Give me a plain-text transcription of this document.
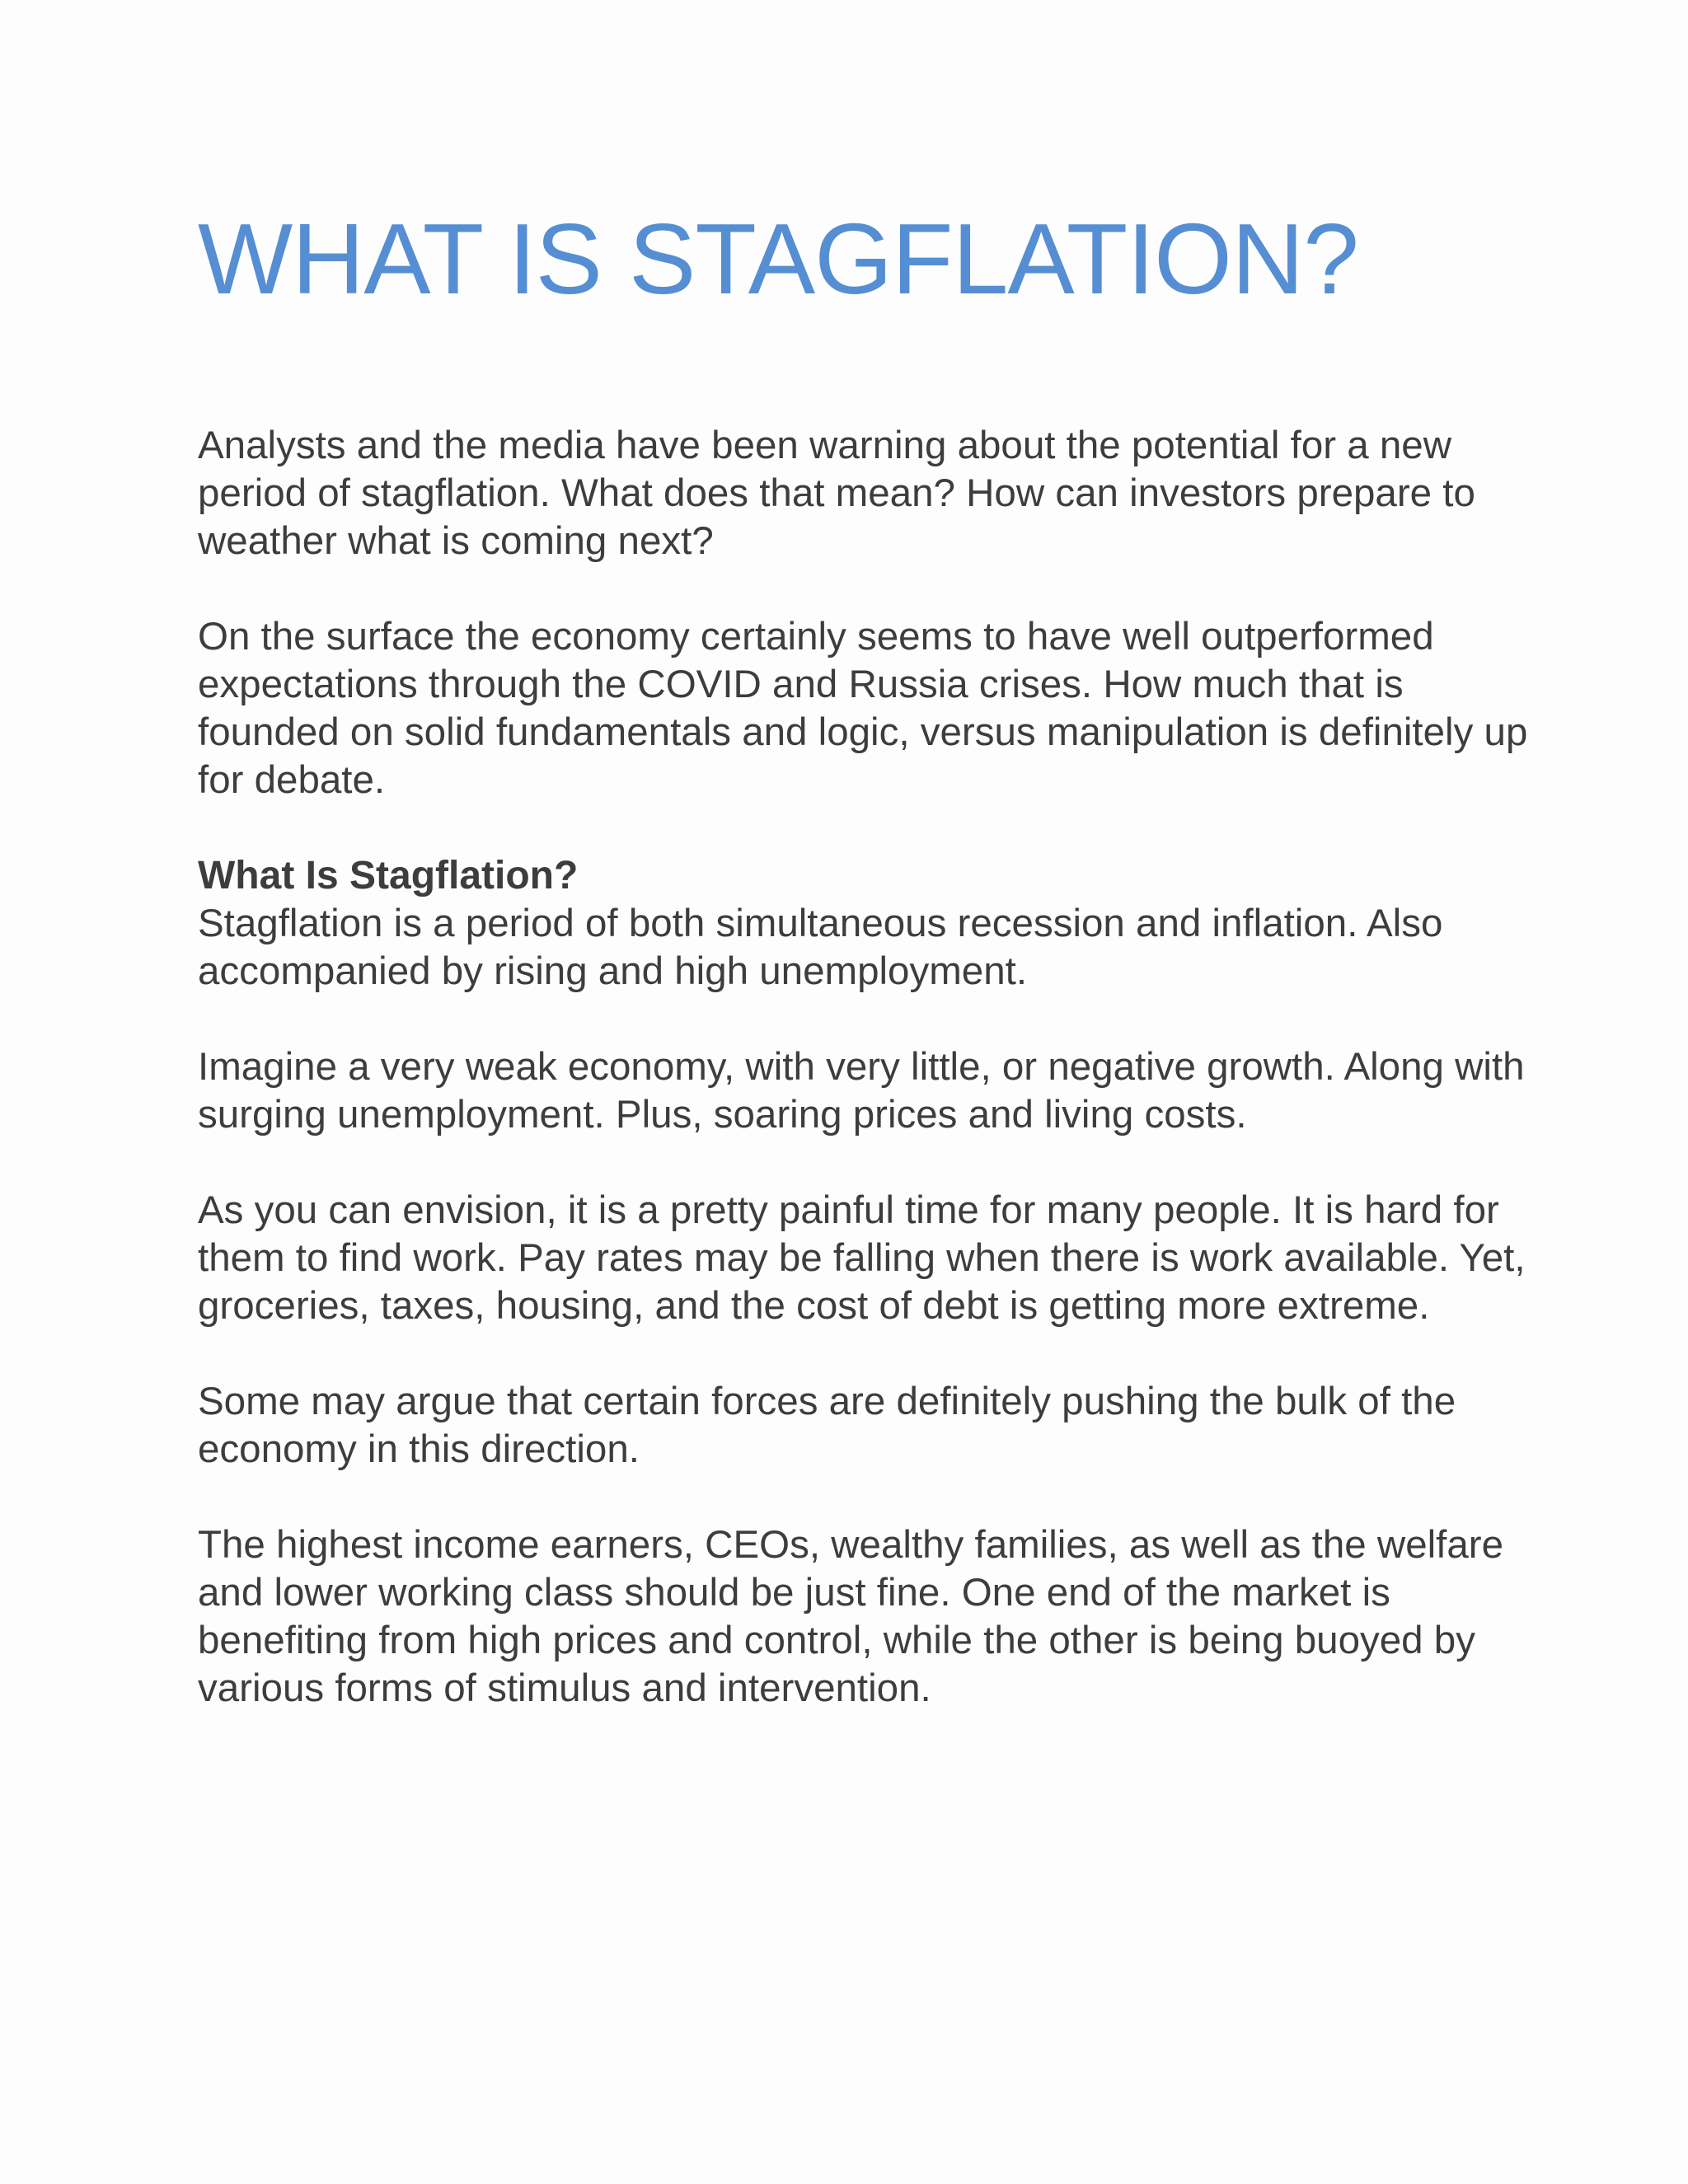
WHAT IS STAGFLATION?

Analysts and the media have been warning about the potential for a new period of stagflation. What does that mean? How can investors prepare to weather what is coming next?

On the surface the economy certainly seems to have well outperformed expectations through the COVID and Russia crises. How much that is founded on solid fundamentals and logic, versus manipulation is definitely up for debate.

What Is Stagflation?

Stagflation is a period of both simultaneous recession and inflation. Also accompanied by rising and high unemployment.

Imagine a very weak economy, with very little, or negative growth. Along with surging unemployment. Plus, soaring prices and living costs.

As you can envision, it is a pretty painful time for many people. It is hard for them to find work. Pay rates may be falling when there is work available. Yet, groceries, taxes, housing, and the cost of debt is getting more extreme.

Some may argue that certain forces are definitely pushing the bulk of the economy in this direction.

The highest income earners, CEOs, wealthy families, as well as the welfare and lower working class should be just fine. One end of the market is benefiting from high prices and control, while the other is being buoyed by various forms of stimulus and intervention.
